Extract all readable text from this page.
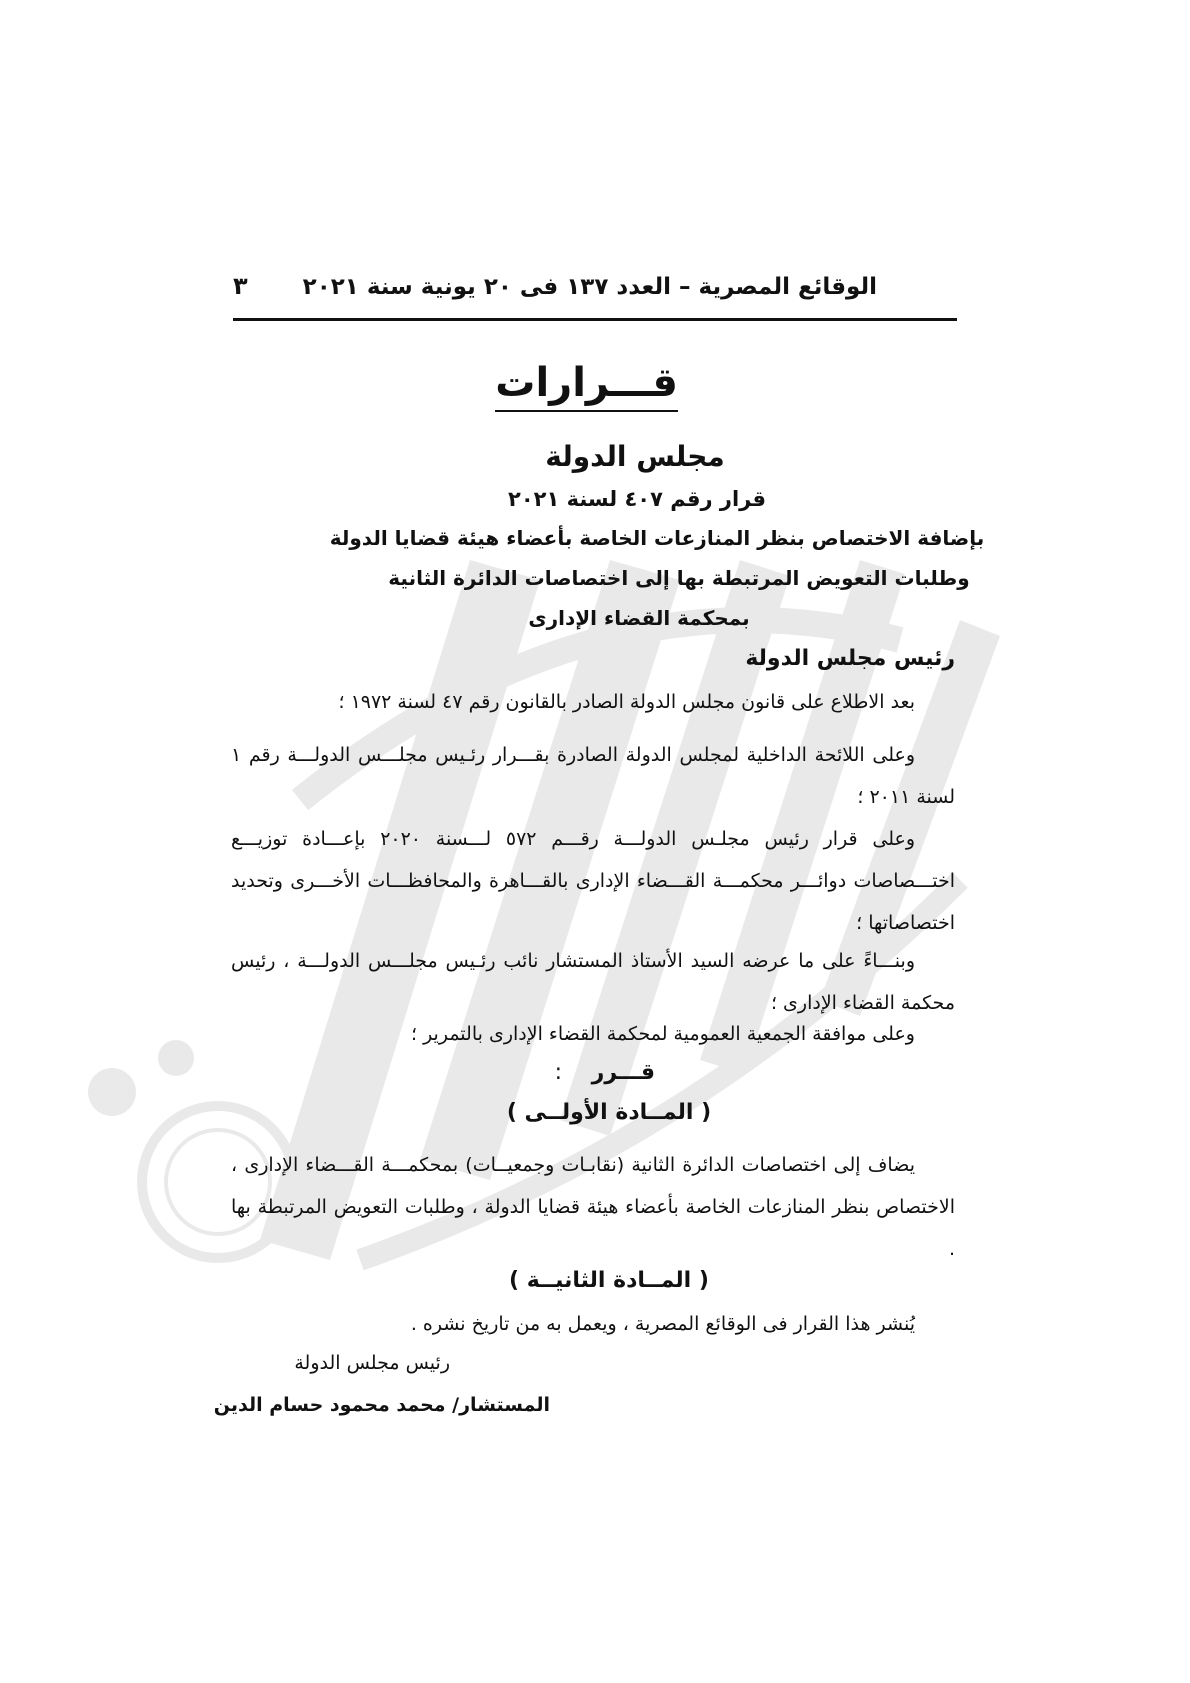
الوقائع المصرية – العدد ١٣٧ فى ٢٠ يونية سنة ٢٠٢١
٣
قـــرارات
مجلس الدولة
قرار رقم ٤٠٧ لسنة ٢٠٢١
بإضافة الاختصاص بنظر المنازعات الخاصة بأعضاء هيئة قضايا الدولة
وطلبات التعويض المرتبطة بها إلى اختصاصات الدائرة الثانية
بمحكمة القضاء الإدارى
رئيس مجلس الدولة
بعد الاطلاع على قانون مجلس الدولة الصادر بالقانون رقم ٤٧ لسنة ١٩٧٢ ؛
وعلى اللائحة الداخلية لمجلس الدولة الصادرة بقـــرار رئـيس مجلـــس الدولـــة رقم ١ لسنة ٢٠١١ ؛
وعلى قرار رئيس مجلـس الدولـــة رقـــم ٥٧٢ لـــسنة ٢٠٢٠ بإعـــادة توزيـــع اختـــصاصات دوائـــر محكمـــة القـــضاء الإدارى بالقـــاهرة والمحافظـــات الأخـــرى وتحديد اختصاصاتها ؛
وبنـــاءً على ما عرضه السيد الأستاذ المستشار نائب رئـيس مجلـــس الدولـــة ، رئيس محكمة القضاء الإدارى ؛
وعلى موافقة الجمعية العمومية لمحكمة القضاء الإدارى بالتمرير ؛
قـــرر
:
( المــادة الأولــى )
يضاف إلى اختصاصات الدائرة الثانية (نقابـات وجمعيــات) بمحكمـــة القـــضاء الإدارى ، الاختصاص بنظر المنازعات الخاصة بأعضاء هيئة قضايا الدولة ، وطلبات التعويض المرتبطة بها .
( المــادة الثانيــة )
يُنشر هذا القرار فى الوقائع المصرية ، ويعمل به من تاريخ نشره .
رئيس مجلس الدولة
المستشار/ محمد محمود حسام الدين
